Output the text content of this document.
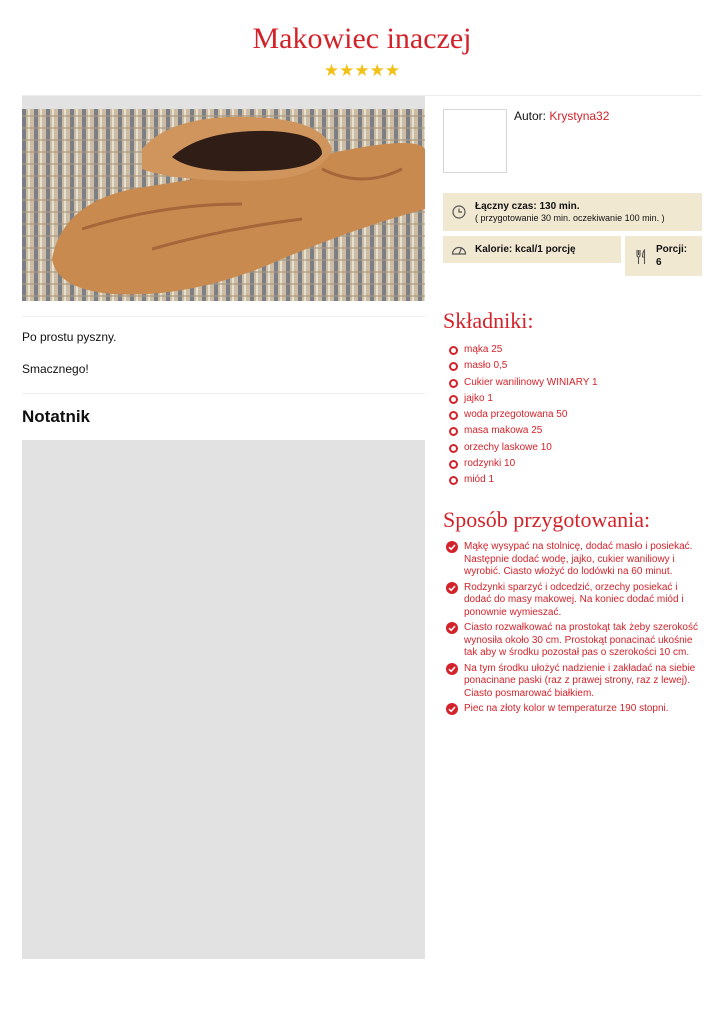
Makowiec inaczej
★★★★★
Po prostu pyszny.
Smacznego!
Notatnik
Autor: Krystyna32
Łączny czas: 130 min.
( przygotowanie 30 min. oczekiwanie 100 min. )
Kalorie: kcal/1 porcję	Porcji:
6
Składniki:
mąka 25
masło 0,5
Cukier wanilinowy WINIARY 1
jajko 1
woda przegotowana 50
masa makowa 25
orzechy laskowe 10
rodzynki 10
miód 1
Sposób przygotowania:
Mąkę wysypać na stolnicę, dodać masło i posiekać. Następnie dodać wodę, jajko, cukier waniliowy i wyrobić. Ciasto włożyć do lodówki na 60 minut.
Rodzynki sparzyć i odcedzić, orzechy posiekać i dodać do masy makowej. Na koniec dodać miód i ponownie wymieszać.
Ciasto rozwałkować na prostokąt tak żeby szerokość wynosiła około 30 cm. Prostokąt ponacinać ukośnie tak aby w środku pozostał pas o szerokości 10 cm.
Na tym środku ułożyć nadzienie i zakładać na siebie ponacinane paski (raz z prawej strony, raz z lewej). Ciasto posmarować białkiem.
Piec na złoty kolor w temperaturze 190 stopni.
